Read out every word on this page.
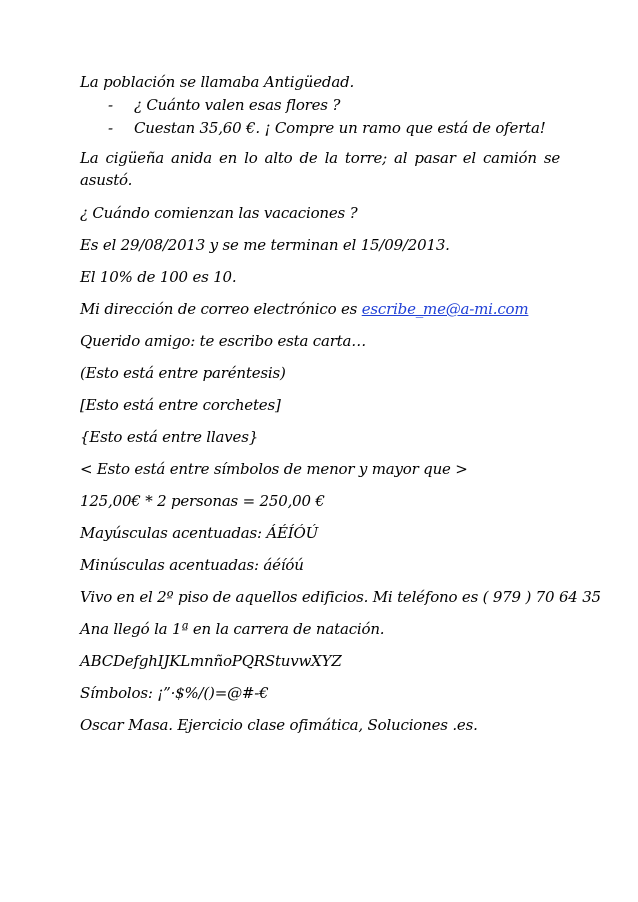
La población se llamaba Antigüedad.
- ¿ Cuánto valen esas flores ?
- Cuestan 35,60 €. ¡ Compre un ramo que está de oferta!
La cigüeña anida en lo alto de la torre; al pasar el camión se asustó.
¿ Cuándo comienzan las vacaciones ?
Es el 29/08/2013 y se me terminan el 15/09/2013.
El 10% de 100 es 10.
Mi dirección de correo electrónico es escribe_me@a-mi.com
Querido amigo: te escribo esta carta…
(Esto está entre paréntesis)
[Esto está entre corchetes]
{Esto está entre llaves}
< Esto está entre símbolos de menor y mayor que >
125,00€ * 2 personas = 250,00 €
Mayúsculas acentuadas: ÁÉÍÓÚ
Minúsculas acentuadas: áéíóú
Vivo en el 2º piso de aquellos edificios. Mi teléfono es ( 979 ) 70 64 35
Ana llegó la 1ª en la carrera de natación.
ABCDefghIJKLmnñoPQRStuvwXYZ
Símbolos: ¡”·$%/()=@#-€
Oscar Masa. Ejercicio clase ofimática, Soluciones .es.
